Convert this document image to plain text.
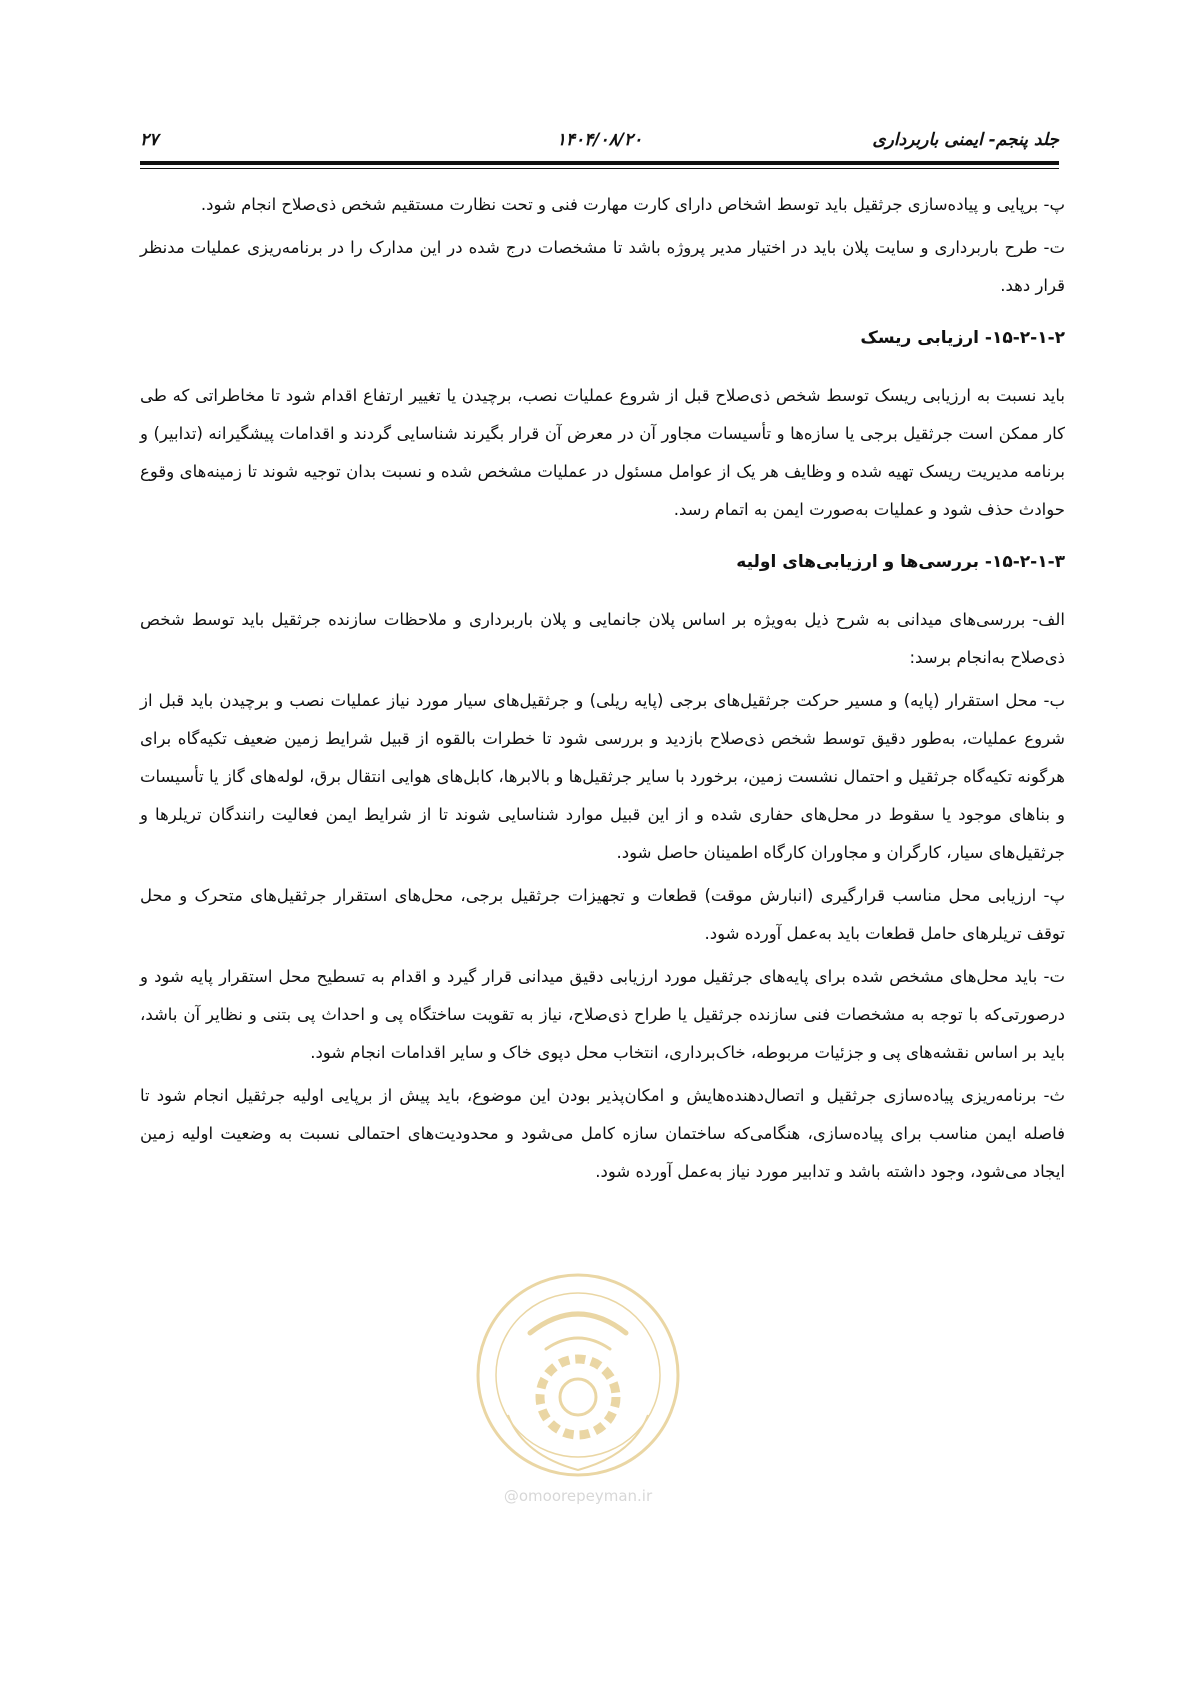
جلد پنجم- ایمنی باربرداری
۱۴۰۴/۰۸/۲۰
۲۷

پ- برپایی و پیاده‌سازی جرثقیل باید توسط اشخاص دارای کارت مهارت فنی و تحت نظارت مستقیم شخص ذی‌صلاح انجام شود.

ت- طرح باربرداری و سایت پلان باید در اختیار مدیر پروژه باشد تا مشخصات درج شده در این مدارک را در برنامه‌ریزی عملیات مدنظر قرار دهد.

۱۵-۲-۱-۲- ارزیابی ریسک

باید نسبت به ارزیابی ریسک توسط شخص ذی‌صلاح قبل از شروع عملیات نصب، برچیدن یا تغییر ارتفاع اقدام شود تا مخاطراتی که طی کار ممکن است جرثقیل برجی یا سازه‌ها و تأسیسات مجاور آن در معرض آن قرار بگیرند شناسایی گردند و اقدامات پیشگیرانه (تدابیر) و برنامه مدیریت ریسک تهیه شده و وظایف هر یک از عوامل مسئول در عملیات مشخص شده و نسبت بدان توجیه شوند تا زمینه‌های وقوع حوادث حذف شود و عملیات به‌صورت ایمن به اتمام رسد.

۱۵-۲-۱-۳- بررسی‌ها و ارزیابی‌های اولیه

الف- بررسی‌های میدانی به شرح ذیل به‌ویژه بر اساس پلان جانمایی و پلان باربرداری و ملاحظات سازنده جرثقیل باید توسط شخص ذی‌صلاح به‌انجام برسد:

ب- محل استقرار (پایه) و مسیر حرکت جرثقیل‌های برجی (پایه ریلی) و جرثقیل‌های سیار مورد نیاز عملیات نصب و برچیدن باید قبل از شروع عملیات، به‌طور دقیق توسط شخص ذی‌صلاح بازدید و بررسی شود تا خطرات بالقوه از قبیل شرایط زمین ضعیف تکیه‌گاه برای هرگونه تکیه‌گاه جرثقیل و احتمال نشست زمین، برخورد با سایر جرثقیل‌ها و بالابرها، کابل‌های هوایی انتقال برق، لوله‌های گاز یا تأسیسات و بناهای موجود یا سقوط در محل‌های حفاری شده و از این قبیل موارد شناسایی شوند تا از شرایط ایمن فعالیت رانندگان تریلرها و جرثقیل‌های سیار، کارگران و مجاوران کارگاه اطمینان حاصل شود.

پ- ارزیابی محل مناسب قرارگیری (انبارش موقت) قطعات و تجهیزات جرثقیل برجی، محل‌های استقرار جرثقیل‌های متحرک و محل توقف تریلرهای حامل قطعات باید به‌عمل آورده شود.

ت- باید محل‌های مشخص شده برای پایه‌های جرثقیل مورد ارزیابی دقیق میدانی قرار گیرد و اقدام به تسطیح محل استقرار پایه شود و درصورتی‌که با توجه به مشخصات فنی سازنده جرثقیل یا طراح ذی‌صلاح، نیاز به تقویت ساختگاه پی و احداث پی بتنی و نظایر آن باشد، باید بر اساس نقشه‌های پی و جزئیات مربوطه، خاک‌برداری، انتخاب محل دپوی خاک و سایر اقدامات انجام شود.

ث- برنامه‌ریزی پیاده‌سازی جرثقیل و اتصال‌دهنده‌هایش و امکان‌پذیر بودن این موضوع، باید پیش از برپایی اولیه جرثقیل انجام شود تا فاصله ایمن مناسب برای پیاده‌سازی، هنگامی‌که ساختمان سازه کامل می‌شود و محدودیت‌های احتمالی نسبت به وضعیت اولیه زمین ایجاد می‌شود، وجود داشته باشد و تدابیر مورد نیاز به‌عمل آورده شود.

@omoorepeyman.ir
